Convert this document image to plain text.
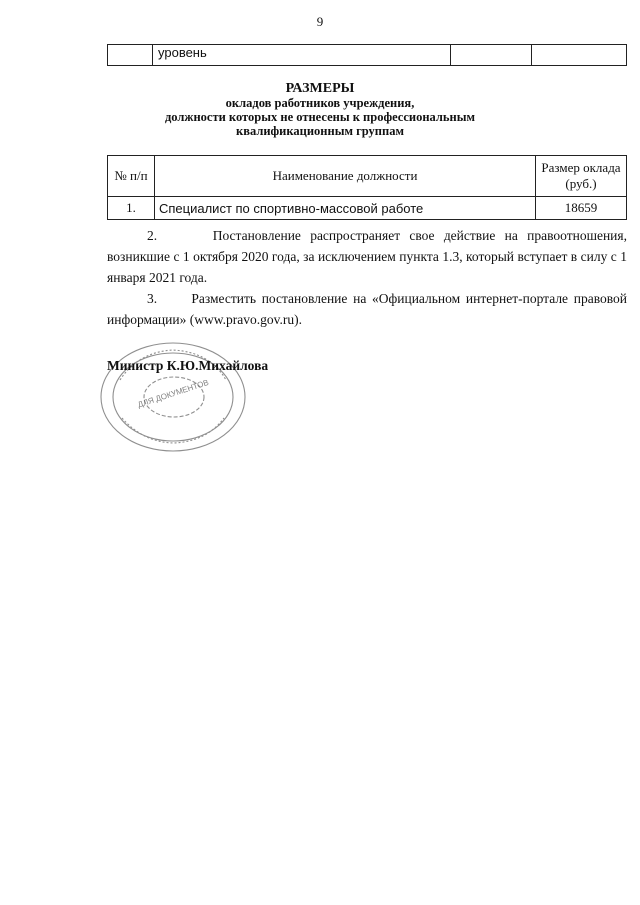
9
	уровень		
РАЗМЕРЫ
окладов работников учреждения,
должности которых не отнесены к профессиональным
квалификационным группам
№ п/п	Наименование должности	Размер оклада (руб.)
1.	Специалист по спортивно-массовой работе	18659
2.	Постановление распространяет свое действие на правоотношения, возникшие с 1 октября 2020 года, за исключением пункта 1.3, который вступает в силу с 1 января 2021 года.
3.	Разместить постановление на «Официальном интернет-портале правовой информации» (www.pravo.gov.ru).
ДЛЯ ДОКУМЕНТОВ
Министр К.Ю.Михайлова
